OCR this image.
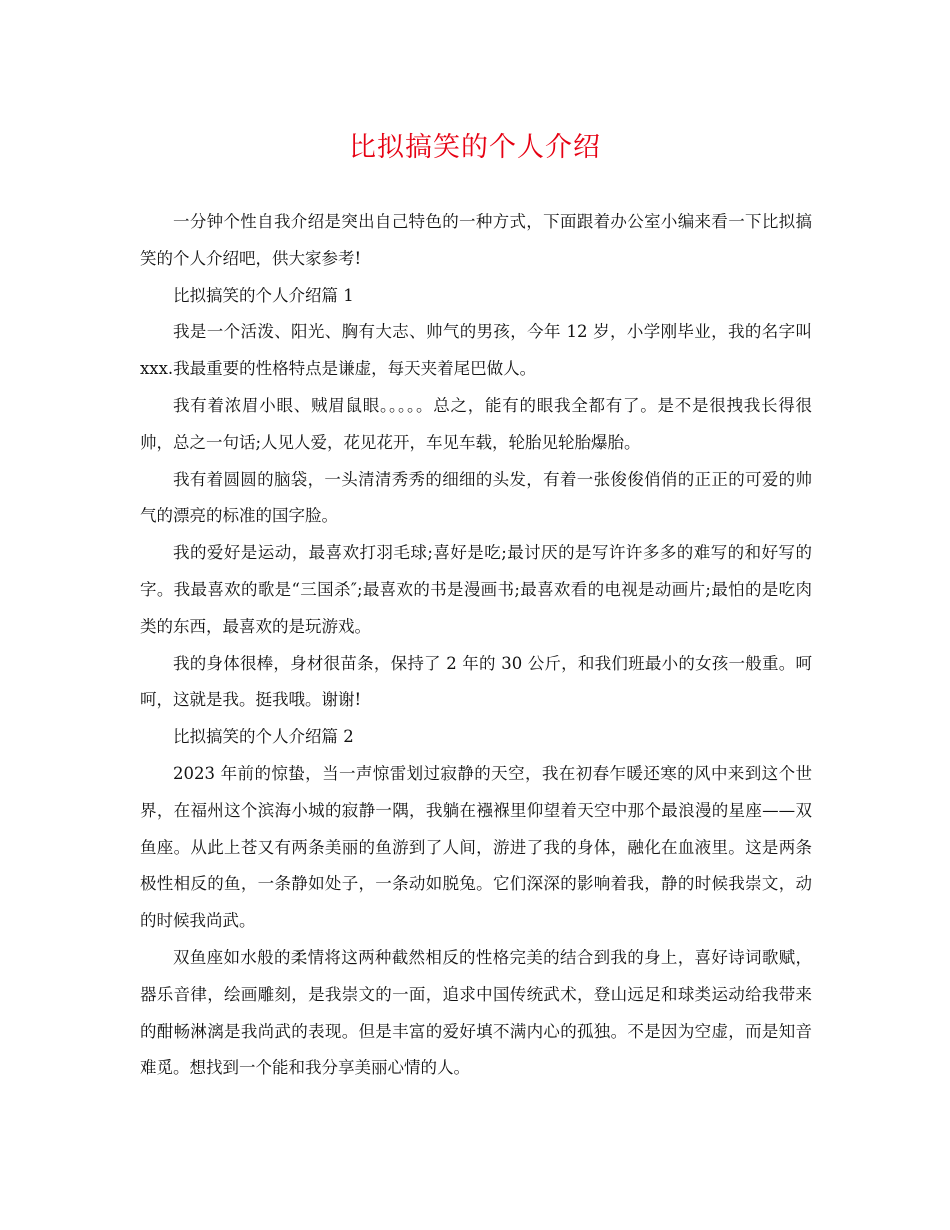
比拟搞笑的个人介绍

一分钟个性自我介绍是突出自己特色的一种方式，下面跟着办公室小编来看一下比拟搞笑的个人介绍吧，供大家参考!

比拟搞笑的个人介绍篇 1

我是一个活泼、阳光、胸有大志、帅气的男孩，今年 12 岁，小学刚毕业，我的名字叫 xxx.我最重要的性格特点是谦虚，每天夹着尾巴做人。

我有着浓眉小眼、贼眉鼠眼。。。。。总之，能有的眼我全都有了。是不是很拽我长得很帅，总之一句话;人见人爱，花见花开，车见车载，轮胎见轮胎爆胎。

我有着圆圆的脑袋，一头清清秀秀的细细的头发，有着一张俊俊俏俏的正正的可爱的帅气的漂亮的标准的国字脸。

我的爱好是运动，最喜欢打羽毛球;喜好是吃;最讨厌的是写许许多多的难写的和好写的字。我最喜欢的歌是“三国杀″;最喜欢的书是漫画书;最喜欢看的电视是动画片;最怕的是吃肉类的东西，最喜欢的是玩游戏。

我的身体很棒，身材很苗条，保持了 2 年的 30 公斤，和我们班最小的女孩一般重。呵呵，这就是我。挺我哦。谢谢!

比拟搞笑的个人介绍篇 2

2023 年前的惊蛰，当一声惊雷划过寂静的天空，我在初春乍暖还寒的风中来到这个世界，在福州这个滨海小城的寂静一隅，我躺在襁褓里仰望着天空中那个最浪漫的星座——双鱼座。从此上苍又有两条美丽的鱼游到了人间，游进了我的身体，融化在血液里。这是两条极性相反的鱼，一条静如处子，一条动如脱兔。它们深深的影响着我，静的时候我崇文，动的时候我尚武。

双鱼座如水般的柔情将这两种截然相反的性格完美的结合到我的身上，喜好诗词歌赋，器乐音律，绘画雕刻，是我崇文的一面，追求中国传统武术，登山远足和球类运动给我带来的酣畅淋漓是我尚武的表现。但是丰富的爱好填不满内心的孤独。不是因为空虚，而是知音难觅。想找到一个能和我分享美丽心情的人。
